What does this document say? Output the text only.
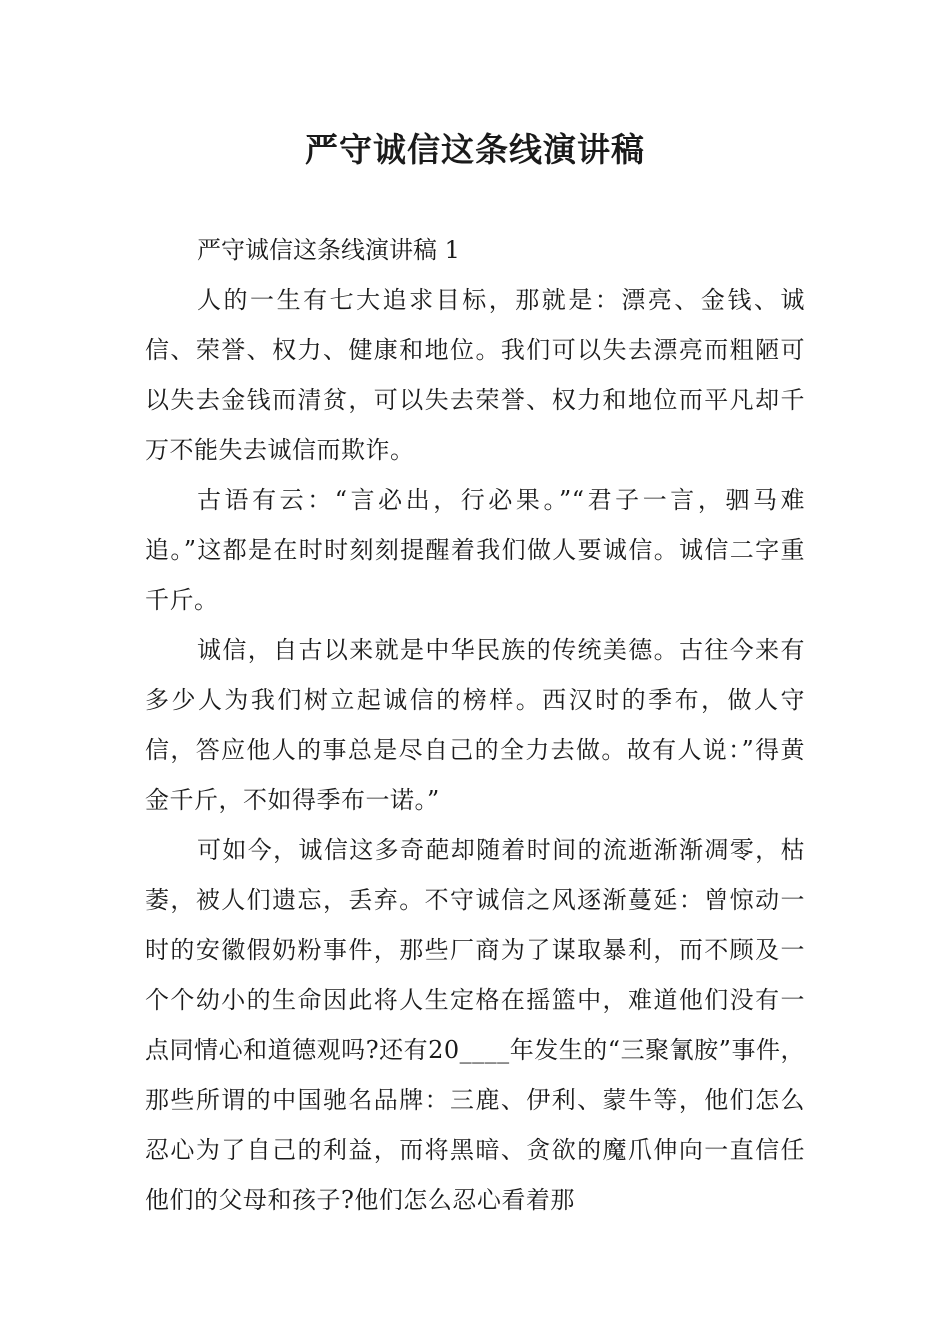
严守诚信这条线演讲稿

严守诚信这条线演讲稿 1

人的一生有七大追求目标，那就是：漂亮、金钱、诚信、荣誉、权力、健康和地位。我们可以失去漂亮而粗陋可以失去金钱而清贫，可以失去荣誉、权力和地位而平凡却千万不能失去诚信而欺诈。

古语有云：“言必出，行必果。”“君子一言，驷马难追。”这都是在时时刻刻提醒着我们做人要诚信。诚信二字重千斤。

诚信，自古以来就是中华民族的传统美德。古往今来有多少人为我们树立起诚信的榜样。西汉时的季布，做人守信，答应他人的事总是尽自己的全力去做。故有人说：”得黄金千斤，不如得季布一诺。”

可如今，诚信这多奇葩却随着时间的流逝渐渐凋零，枯萎，被人们遗忘，丢弃。不守诚信之风逐渐蔓延：曾惊动一时的安徽假奶粉事件，那些厂商为了谋取暴利，而不顾及一个个幼小的生命因此将人生定格在摇篮中，难道他们没有一点同情心和道德观吗?还有20____年发生的“三聚氰胺”事件，那些所谓的中国驰名品牌：三鹿、伊利、蒙牛等，他们怎么忍心为了自己的利益，而将黑暗、贪欲的魔爪伸向一直信任他们的父母和孩子?他们怎么忍心看着那
